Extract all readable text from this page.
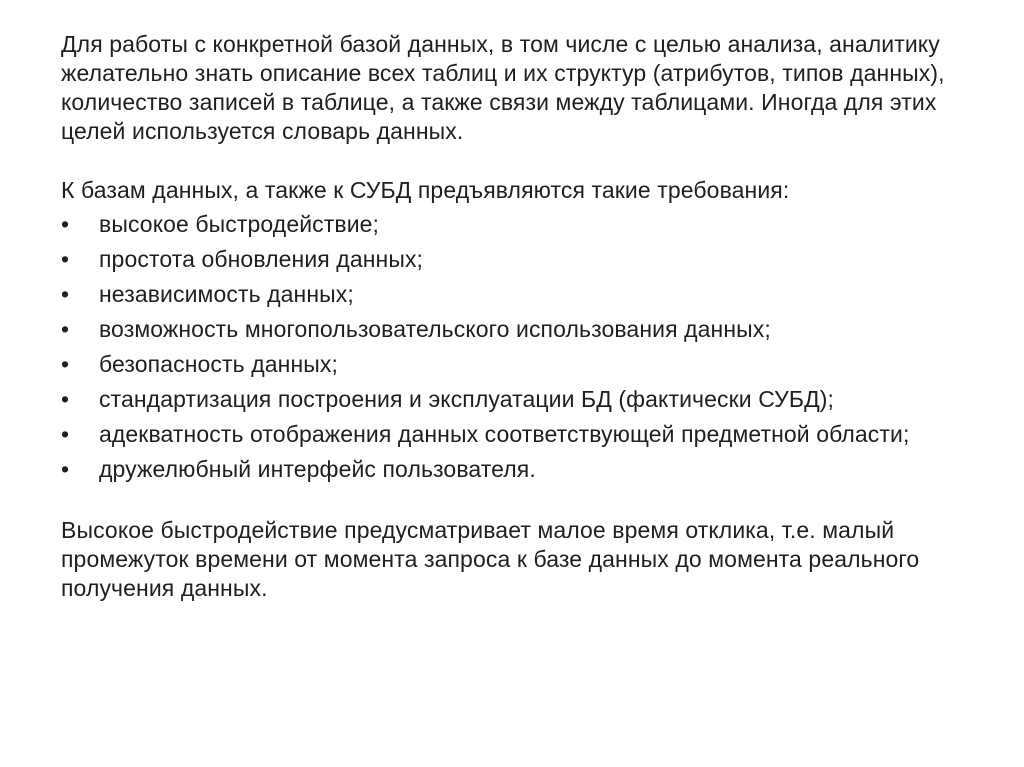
Для работы с конкретной базой данных, в том числе с целью анализа, аналитику желательно знать описание всех таблиц и их структур (атрибутов, типов данных), количество записей в таблице, а также связи между таблицами. Иногда для этих целей используется словарь данных.

К базам данных, а также к СУБД предъявляются такие требования:

•	высокое быстродействие;
•	простота обновления данных;
•	независимость данных;
•	возможность многопользовательского использования данных;
•	безопасность данных;
•	стандартизация построения и эксплуатации БД (фактически СУБД);
•	адекватность отображения данных соответствующей предметной области;
•	дружелюбный интерфейс пользователя.

Высокое быстродействие предусматривает малое время отклика, т.е. малый промежуток времени от момента запроса к базе данных до момента реального получения данных.
